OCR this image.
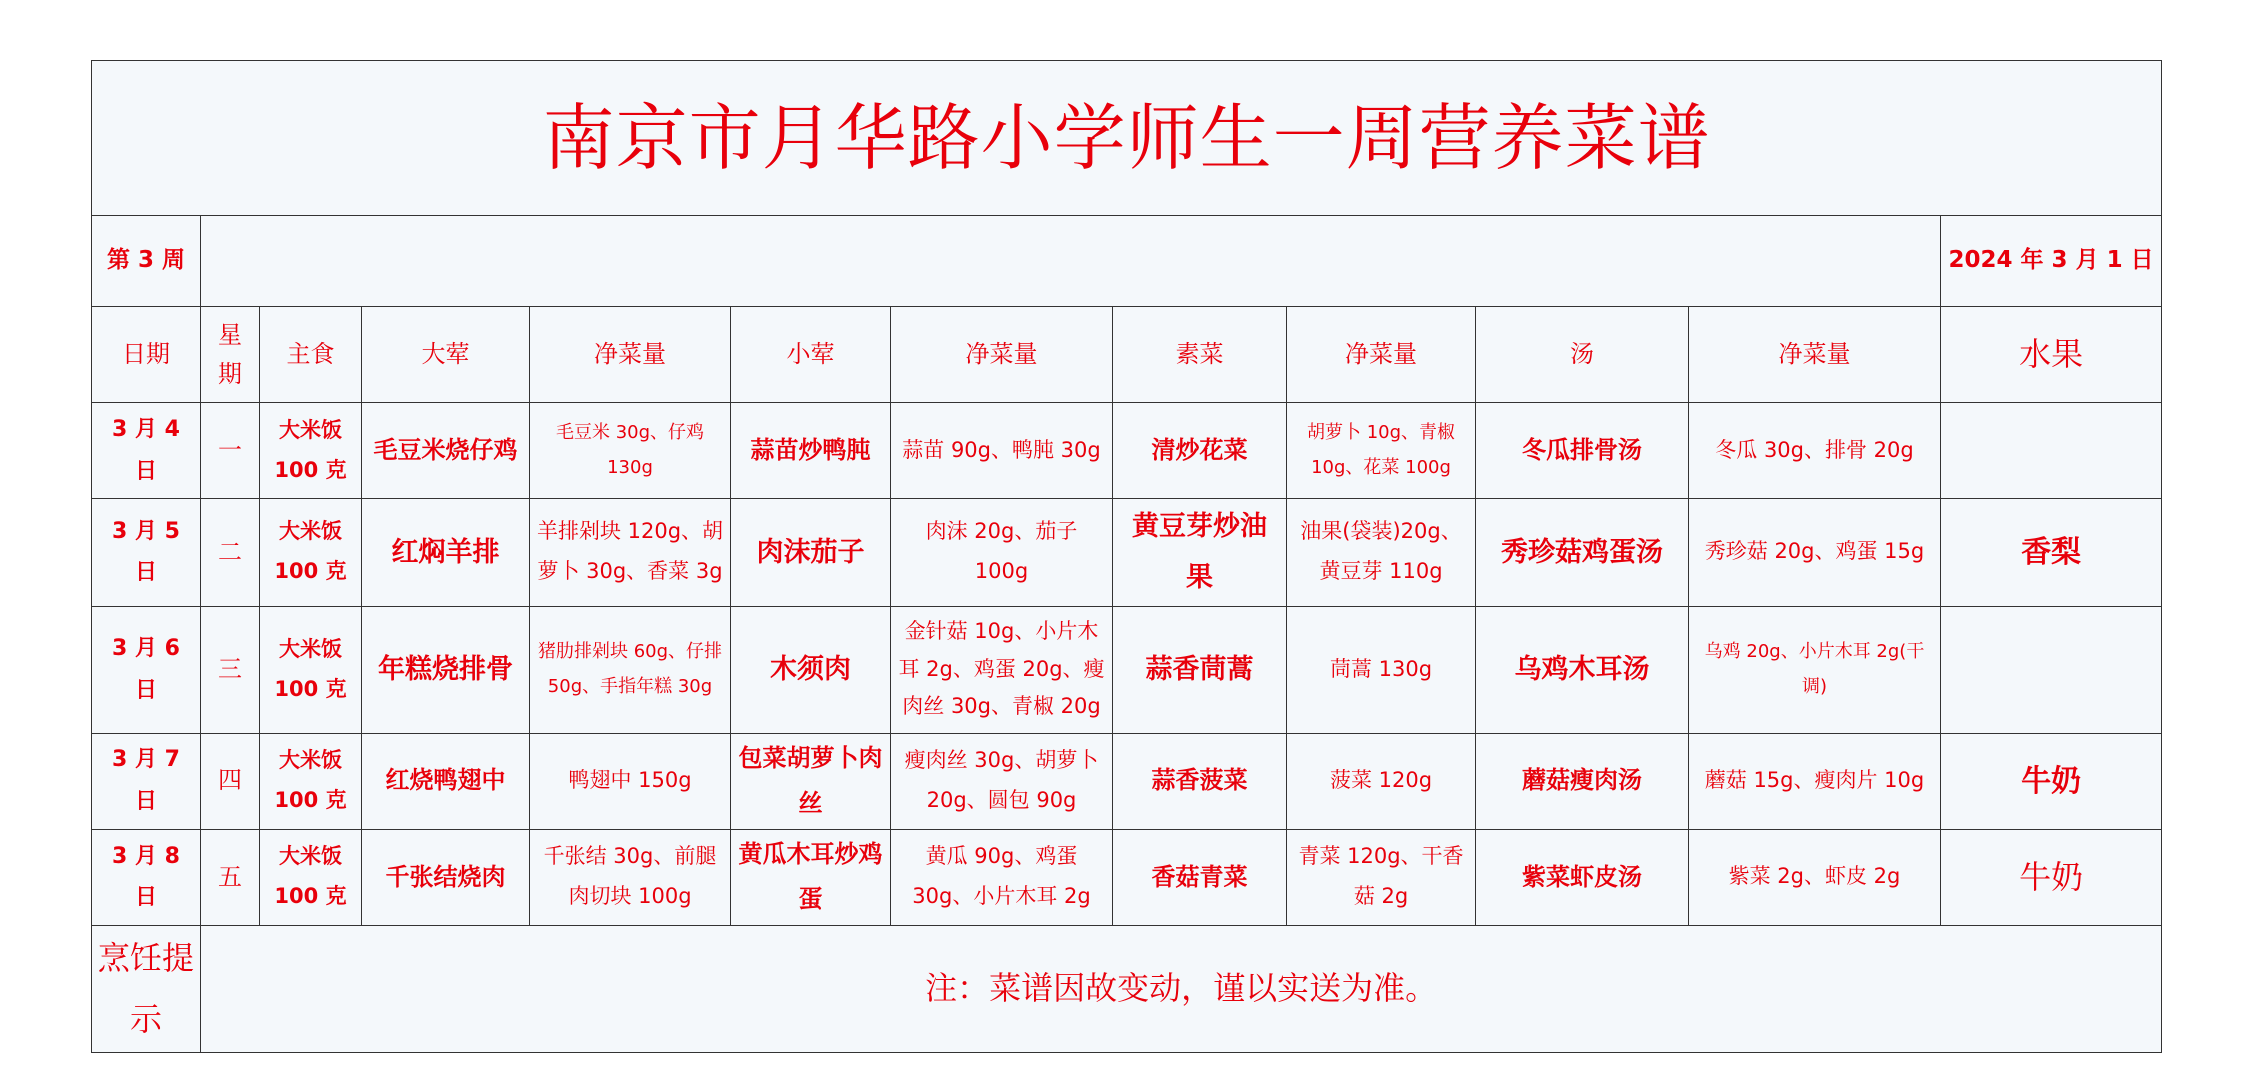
南京市月华路小学师生一周营养菜谱											
第 3 周											2024 年 3 月 1 日
日期	星期	主食	大荤	净菜量	小荤	净菜量	素菜	净菜量	汤	净菜量	水果
3 月 4 日	一	大米饭 100 克	毛豆米烧仔鸡	毛豆米 30g、仔鸡 130g	蒜苗炒鸭肫	蒜苗 90g、鸭肫 30g	清炒花菜	胡萝卜 10g、青椒 10g、花菜 100g	冬瓜排骨汤	冬瓜 30g、排骨 20g	
3 月 5 日	二	大米饭 100 克	红焖羊排	羊排剁块 120g、胡萝卜 30g、香菜 3g	肉沫茄子	肉沫 20g、茄子 100g	黄豆芽炒油果	油果(袋装)20g、黄豆芽 110g	秀珍菇鸡蛋汤	秀珍菇 20g、鸡蛋 15g	香梨
3 月 6 日	三	大米饭 100 克	年糕烧排骨	猪肋排剁块 60g、仔排 50g、手指年糕 30g	木须肉	金针菇 10g、小片木耳 2g、鸡蛋 20g、瘦肉丝 30g、青椒 20g	蒜香茼蒿	茼蒿 130g	乌鸡木耳汤	乌鸡 20g、小片木耳 2g(干调)	
3 月 7 日	四	大米饭 100 克	红烧鸭翅中	鸭翅中 150g	包菜胡萝卜肉丝	瘦肉丝 30g、胡萝卜 20g、圆包 90g	蒜香菠菜	菠菜 120g	蘑菇瘦肉汤	蘑菇 15g、瘦肉片 10g	牛奶
3 月 8 日	五	大米饭 100 克	千张结烧肉	千张结 30g、前腿肉切块 100g	黄瓜木耳炒鸡蛋	黄瓜 90g、鸡蛋 30g、小片木耳 2g	香菇青菜	青菜 120g、干香菇 2g	紫菜虾皮汤	紫菜 2g、虾皮 2g	牛奶
烹饪提示	注：菜谱因故变动，谨以实送为准。										
